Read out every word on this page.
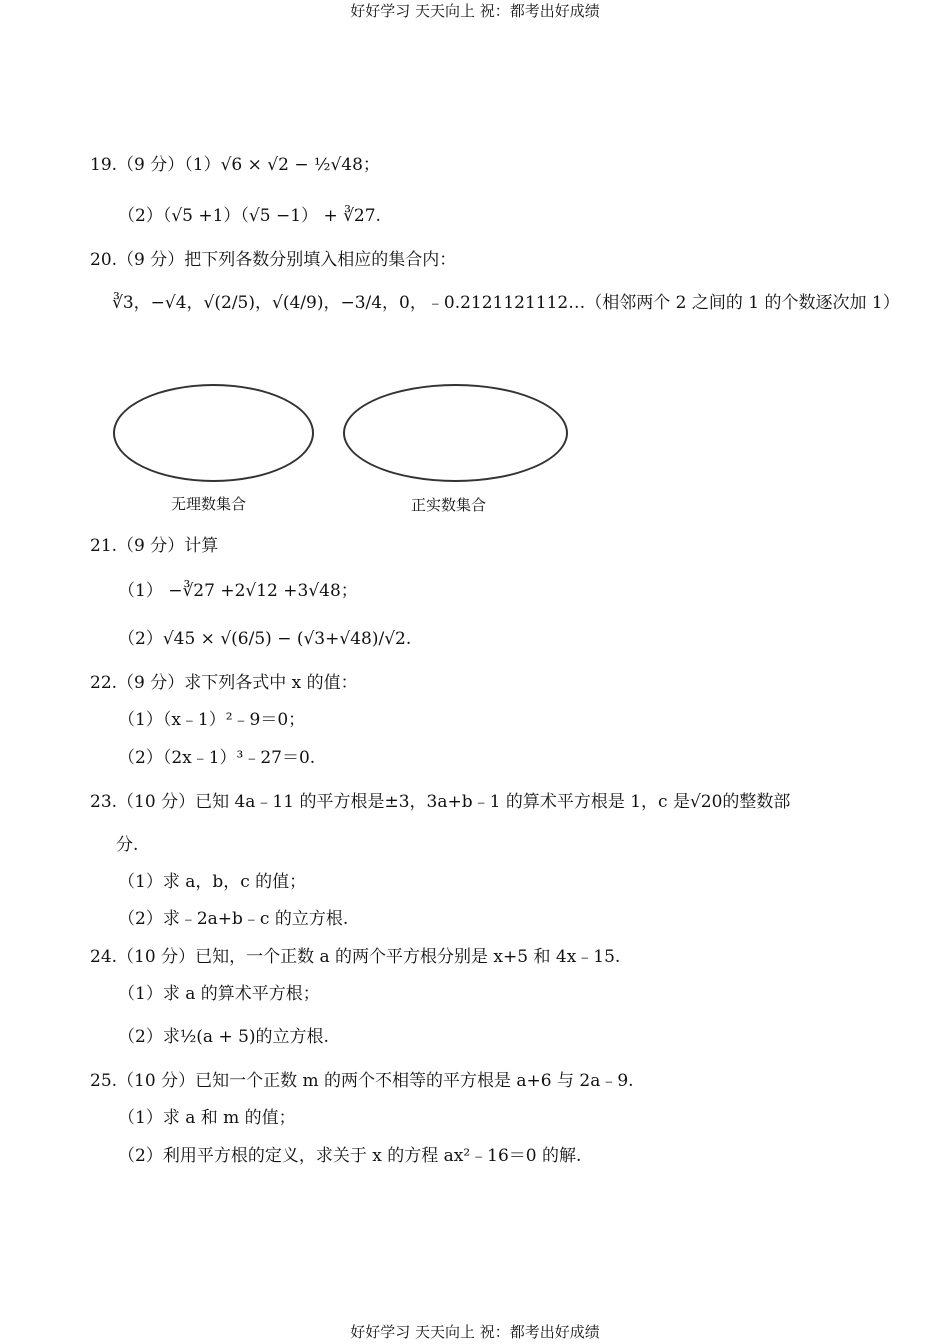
好好学习 天天向上 祝：都考出好成绩
19.（9 分）（1）√6 × √2 − ½√48；
（2）（√5 +1）（√5 −1） + ∛27.
20.（9 分）把下列各数分别填入相应的集合内：
∛3，−√4，√(2/5)，√(4/9)，−3/4，0，﹣0.2121121112…（相邻两个 2 之间的 1 的个数逐次加 1）
无理数集合	正实数集合
21.（9 分）计算
（1） −∛27 +2√12 +3√48；
（2）√45 × √(6/5) − (√3+√48)/√2.
22.（9 分）求下列各式中 x 的值：
（1）（x﹣1）²﹣9＝0；
（2）（2x﹣1）³﹣27＝0.
23.（10 分）已知 4a﹣11 的平方根是±3，3a+b﹣1 的算术平方根是 1，c 是√20的整数部
分.
（1）求 a，b，c 的值；
（2）求﹣2a+b﹣c 的立方根.
24.（10 分）已知，一个正数 a 的两个平方根分别是 x+5 和 4x﹣15.
（1）求 a 的算术平方根；
（2）求½(a + 5)的立方根.
25.（10 分）已知一个正数 m 的两个不相等的平方根是 a+6 与 2a﹣9.
（1）求 a 和 m 的值；
（2）利用平方根的定义，求关于 x 的方程 ax²﹣16＝0 的解.
好好学习 天天向上 祝：都考出好成绩
